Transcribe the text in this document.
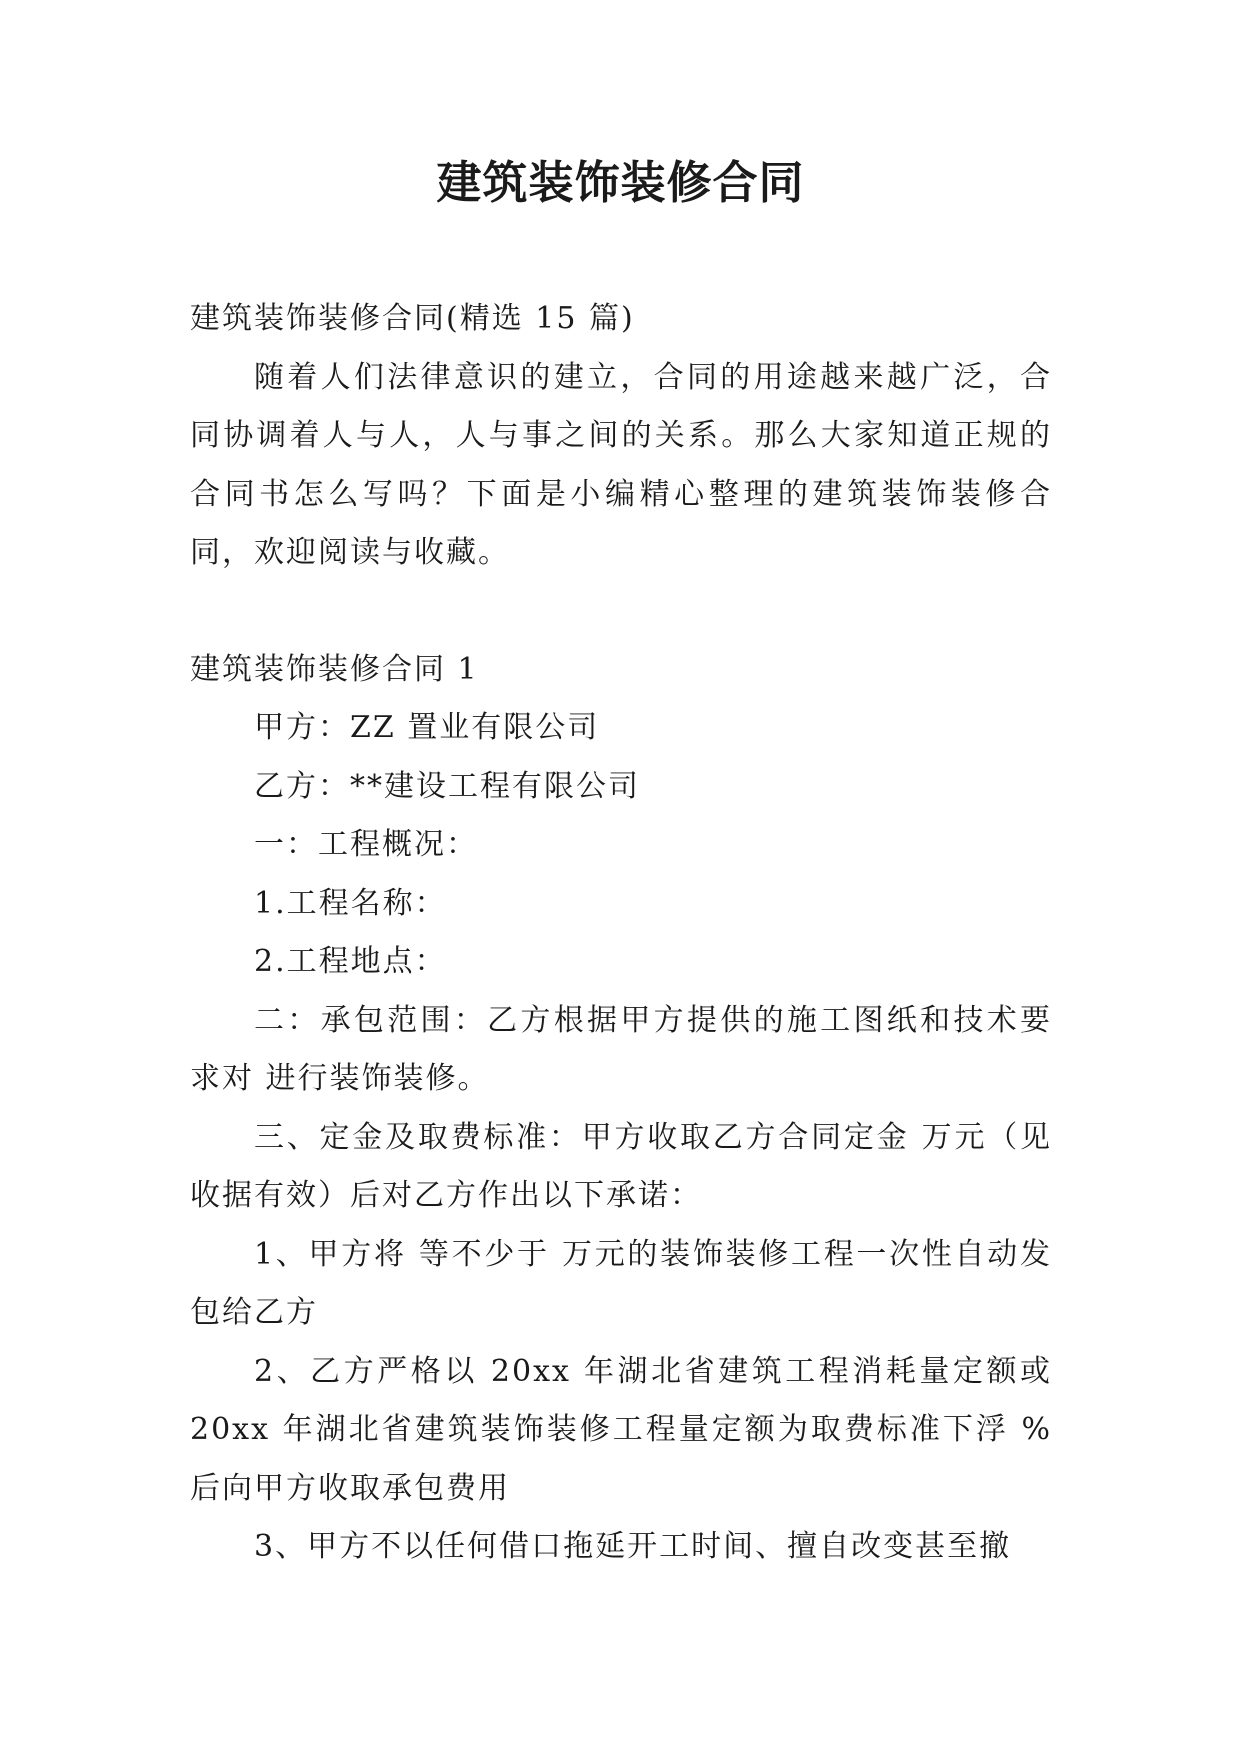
建筑装饰装修合同

建筑装饰装修合同(精选 15 篇)

随着人们法律意识的建立，合同的用途越来越广泛，合同协调着人与人，人与事之间的关系。那么大家知道正规的合同书怎么写吗？下面是小编精心整理的建筑装饰装修合同，欢迎阅读与收藏。

建筑装饰装修合同 1

甲方：ZZ 置业有限公司

乙方：**建设工程有限公司

一：工程概况：

1.工程名称：

2.工程地点：

二：承包范围：乙方根据甲方提供的施工图纸和技术要求对 进行装饰装修。

三、定金及取费标准：甲方收取乙方合同定金 万元（见收据有效）后对乙方作出以下承诺：

1、甲方将 等不少于 万元的装饰装修工程一次性自动发包给乙方

2、乙方严格以 20xx 年湖北省建筑工程消耗量定额或 20xx 年湖北省建筑装饰装修工程量定额为取费标准下浮 %后向甲方收取承包费用

3、甲方不以任何借口拖延开工时间、擅自改变甚至撤
